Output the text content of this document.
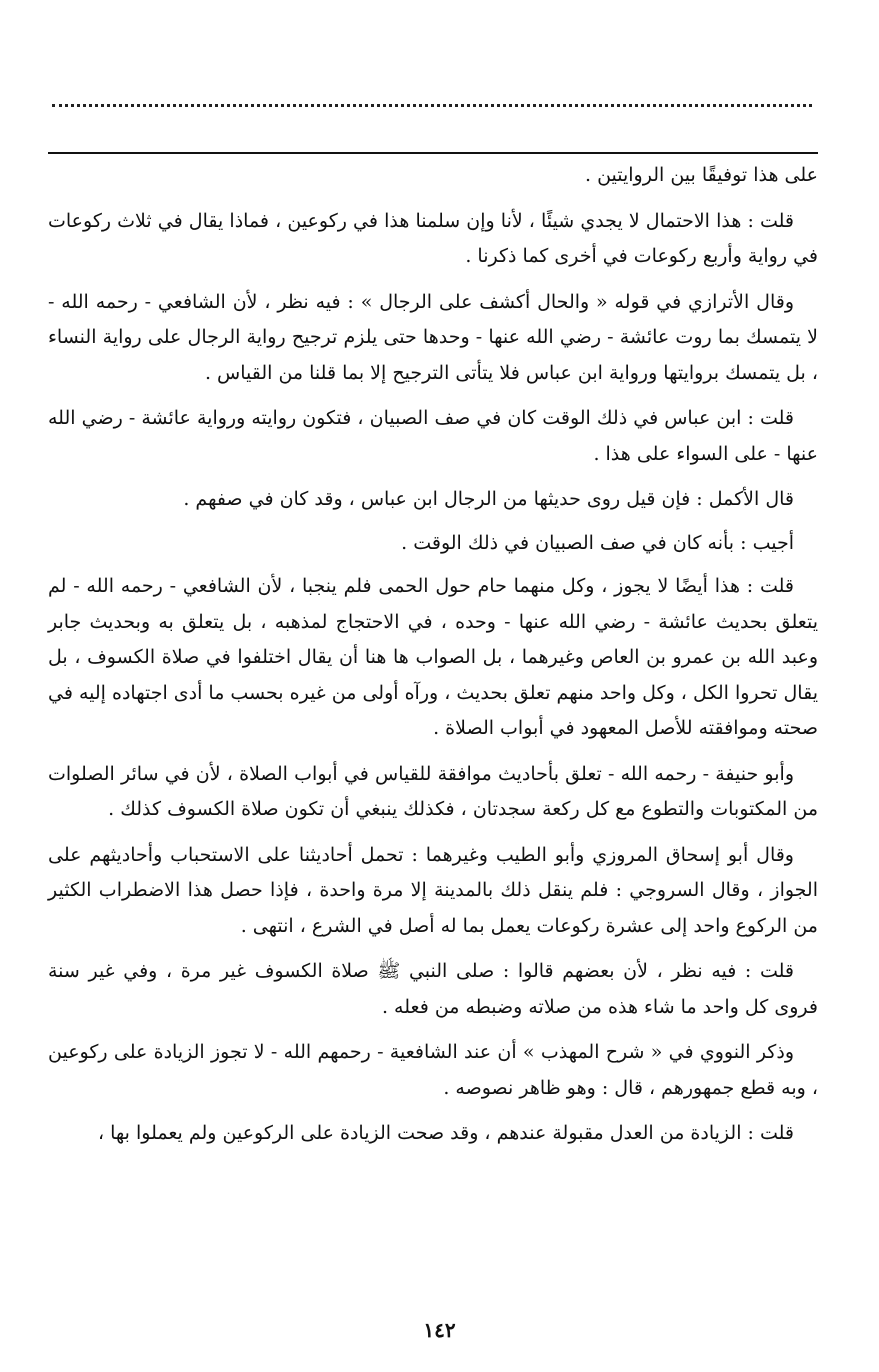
على هذا توفيقًا بين الروايتين .

قلت : هذا الاحتمال لا يجدي شيئًا ، لأنا وإن سلمنا هذا في ركوعين ، فماذا يقال في ثلاث ركوعات في رواية وأربع ركوعات في أخرى كما ذكرنا .

وقال الأترازي في قوله « والحال أكشف على الرجال » : فيه نظر ، لأن الشافعي - رحمه الله - لا يتمسك بما روت عائشة - رضي الله عنها - وحدها حتى يلزم ترجيح رواية الرجال على رواية النساء ، بل يتمسك بروايتها ورواية ابن عباس فلا يتأتى الترجيح إلا بما قلنا من القياس .

قلت : ابن عباس في ذلك الوقت كان في صف الصبيان ، فتكون روايته ورواية عائشة - رضي الله عنها - على السواء على هذا .

قال الأكمل : فإن قيل روى حديثها من الرجال ابن عباس ، وقد كان في صفهم .

أجيب : بأنه كان في صف الصبيان في ذلك الوقت .

قلت : هذا أيضًا لا يجوز ، وكل منهما حام حول الحمى فلم ينجبا ، لأن الشافعي - رحمه الله - لم يتعلق بحديث عائشة - رضي الله عنها - وحده ، في الاحتجاج لمذهبه ، بل يتعلق به وبحديث جابر وعبد الله بن عمرو بن العاص وغيرهما ، بل الصواب ها هنا أن يقال اختلفوا في صلاة الكسوف ، بل يقال تحروا الكل ، وكل واحد منهم تعلق بحديث ، ورآه أولى من غيره بحسب ما أدى اجتهاده إليه في صحته وموافقته للأصل المعهود في أبواب الصلاة .

وأبو حنيفة - رحمه الله - تعلق بأحاديث موافقة للقياس في أبواب الصلاة ، لأن في سائر الصلوات من المكتوبات والتطوع مع كل ركعة سجدتان ، فكذلك ينبغي أن تكون صلاة الكسوف كذلك .

وقال أبو إسحاق المروزي وأبو الطيب وغيرهما : تحمل أحاديثنا على الاستحباب وأحاديثهم على الجواز ، وقال السروجي : فلم ينقل ذلك بالمدينة إلا مرة واحدة ، فإذا حصل هذا الاضطراب الكثير من الركوع واحد إلى عشرة ركوعات يعمل بما له أصل في الشرع ، انتهى .

قلت : فيه نظر ، لأن بعضهم قالوا : صلى النبي ﷺ صلاة الكسوف غير مرة ، وفي غير سنة فروى كل واحد ما شاء هذه من صلاته وضبطه من فعله .

وذكر النووي في « شرح المهذب » أن عند الشافعية - رحمهم الله - لا تجوز الزيادة على ركوعين ، وبه قطع جمهورهم ، قال : وهو ظاهر نصوصه .

قلت : الزيادة من العدل مقبولة عندهم ، وقد صحت الزيادة على الركوعين ولم يعملوا بها ،

١٤٢
